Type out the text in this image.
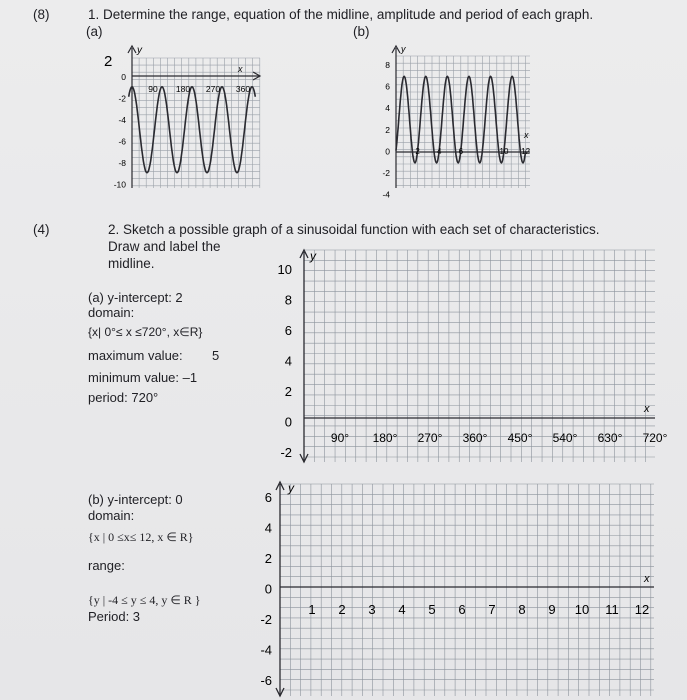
(8)	1. Determine the range, equation of the midline, amplitude and period of each graph.
(a)	(b)
y
x
2
0
-2
-4
-6
-8
-10
90 180 270 360
y
x
8
6
4
2
0
-2
-4
2 4 6	10 12
(4)	2. Sketch a possible graph of a sinusoidal function with each set of characteristics.
Draw and label the
midline.
(a) y-intercept: 2
domain:
{x| 0°≤ x ≤720°, x∈R}
maximum value: 5
minimum value: –1
period: 720°
y
x
10
8
6
4
2
0
-2
90° 180° 270° 360° 450° 540° 630° 720°
(b) y-intercept: 0
domain:
{x | 0 ≤x≤ 12, x ∈ R}
range:
{y | -4 ≤ y ≤ 4, y ∈ R }
Period: 3
y
x
6
4
2
0
-2
-4
-6
1 2 3 4 5 6 7 8 9 10 11 12
